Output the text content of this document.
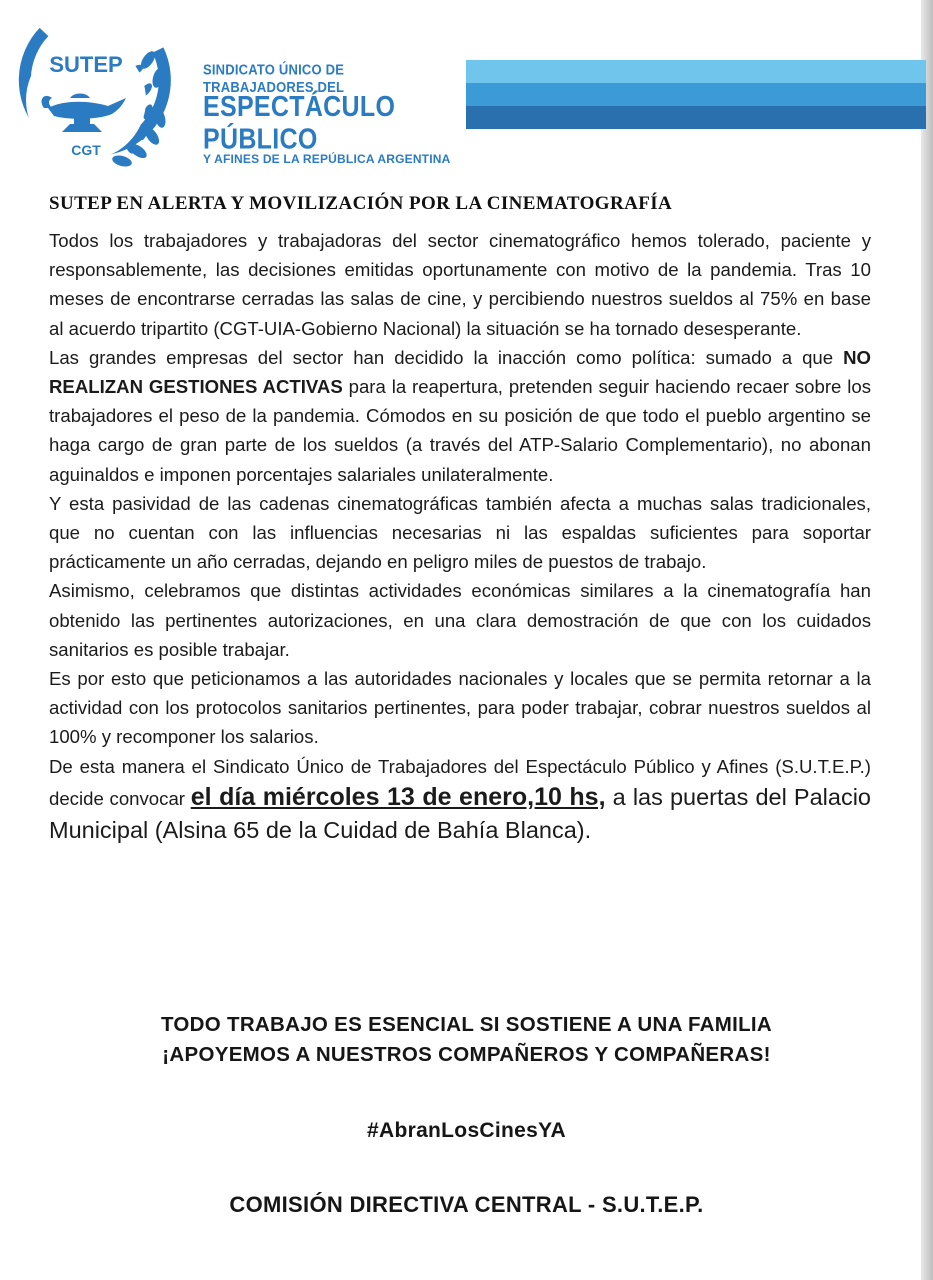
SUTEP
CGT
SINDICATO ÚNICO DE TRABAJADORES DEL
ESPECTÁCULO PÚBLICO
Y AFINES DE LA REPÚBLICA ARGENTINA
SUTEP EN ALERTA Y MOVILIZACIÓN POR LA CINEMATOGRAFÍA

Todos los trabajadores y trabajadoras del sector cinematográfico hemos tolerado, paciente y responsablemente, las decisiones emitidas oportunamente con motivo de la pandemia. Tras 10 meses de encontrarse cerradas las salas de cine, y percibiendo nuestros sueldos al 75% en base al acuerdo tripartito (CGT-UIA-Gobierno Nacional) la situación se ha tornado desesperante.

Las grandes empresas del sector han decidido la inacción como política: sumado a que NO REALIZAN GESTIONES ACTIVAS para la reapertura, pretenden seguir haciendo recaer sobre los trabajadores el peso de la pandemia. Cómodos en su posición de que todo el pueblo argentino se haga cargo de gran parte de los sueldos (a través del ATP-Salario Complementario), no abonan aguinaldos e imponen porcentajes salariales unilateralmente.

Y esta pasividad de las cadenas cinematográficas también afecta a muchas salas tradicionales, que no cuentan con las influencias necesarias ni las espaldas suficientes para soportar prácticamente un año cerradas, dejando en peligro miles de puestos de trabajo.

Asimismo, celebramos que distintas actividades económicas similares a la cinematografía han obtenido las pertinentes autorizaciones, en una clara demostración de que con los cuidados sanitarios es posible trabajar.

Es por esto que peticionamos a las autoridades nacionales y locales que se permita retornar a la actividad con los protocolos sanitarios pertinentes, para poder trabajar, cobrar nuestros sueldos al 100% y recomponer los salarios.

De esta manera el Sindicato Único de Trabajadores del Espectáculo Público y Afines (S.U.T.E.P.) decide convocar el día miércoles 13 de enero,10 hs, a las puertas del Palacio Municipal (Alsina 65 de la Cuidad de Bahía Blanca).

TODO TRABAJO ES ESENCIAL SI SOSTIENE A UNA FAMILIA
¡APOYEMOS A NUESTROS COMPAÑEROS Y COMPAÑERAS!
#AbranLosCinesYA
COMISIÓN DIRECTIVA CENTRAL - S.U.T.E.P.
